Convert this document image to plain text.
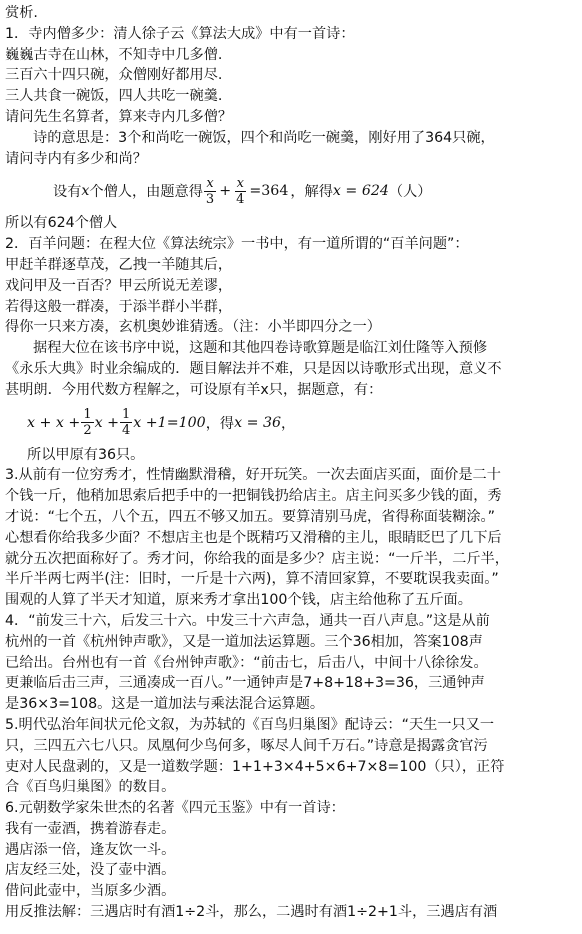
赏析.
1．寺内僧多少：清人徐子云《算法大成》中有一首诗：
巍巍古寺在山林，不知寺中几多僧.
三百六十四只碗，众僧刚好都用尽.
三人共食一碗饭，四人共吃一碗羹.
请问先生名算者，算来寺内几多僧？
诗的意思是：3个和尚吃一碗饭，四个和尚吃一碗羹，刚好用了364只碗，
请问寺内有多少和尚？
设有 x 个僧人，由题意得 $\frac{x}{3} + \frac{x}{4} =364$ ，解得 x = 624 （人）
所以有624个僧人
2．百羊问题：在程大位《算法统宗》一书中，有一道所谓的“百羊问题”：
甲赶羊群逐草茂，乙拽一羊随其后，
戏问甲及一百否？甲云所说无差谬，
若得这般一群凑，于添半群小半群，
得你一只来方凑，玄机奥妙谁猜透。（注：小半即四分之一）
据程大位在该书序中说，这题和其他四卷诗歌算题是临江刘仕隆等入预修
《永乐大典》时业余编成的．题目解法并不难，只是因以诗歌形式出现，意义不
甚明朗．今用代数方程解之，可设原有羊x只，据题意，有：
$x + x + \frac{1}{2}$ $x + \frac{1}{4}$ x +1=100 ，得 x = 36 ，
所以甲原有36只。
3.从前有一位穷秀才，性情幽默滑稽，好开玩笑。一次去面店买面，面价是二十
个钱一斤，他稍加思索后把手中的一把铜钱扔给店主。店主问买多少钱的面，秀
才说：“七个五，八个五，四五不够又加五。要算清别马虎，省得称面装糊涂。”
心想看你给我多少面？不想店主也是个既精巧又滑稽的主儿，眼睛眨巴了几下后
就分五次把面称好了。秀才问，你给我的面是多少？店主说：“一斤半，二斤半，
半斤半两七两半(注：旧时，一斤是十六两)，算不清回家算，不要耽误我卖面。”
围观的人算了半天才知道，原来秀才拿出100个钱，店主给他称了五斤面。
4．“前发三十六，后发三十六。中发三十六声急，通共一百八声息。”这是从前
杭州的一首《杭州钟声歌》，又是一道加法运算题。三个36相加，答案108声
已给出。台州也有一首《台州钟声歌》：“前击七，后击八，中间十八徐徐发。
更兼临后击三声，三通凑成一百八。”一通钟声是7+8+18+3=36，三通钟声
是36×3=108。这是一道加法与乘法混合运算题。
5.明代弘治年间状元伦文叙，为苏轼的《百鸟归巢图》配诗云：“天生一只又一
只，三四五六七八只。凤凰何少鸟何多，啄尽人间千万石。”诗意是揭露贪官污
吏对人民盘剥的，又是一道数学题：1+1+3×4+5×6+7×8=100（只），正符
合《百鸟归巢图》的数目。
6.元朝数学家朱世杰的名著《四元玉鉴》中有一首诗：
我有一壶酒，携着游春走。
遇店添一倍，逢友饮一斗。
店友经三处，没了壶中酒。
借问此壶中，当原多少酒。
用反推法解：三遇店时有酒1÷2斗，那么，二遇时有酒1÷2+1斗，三遇店有酒
